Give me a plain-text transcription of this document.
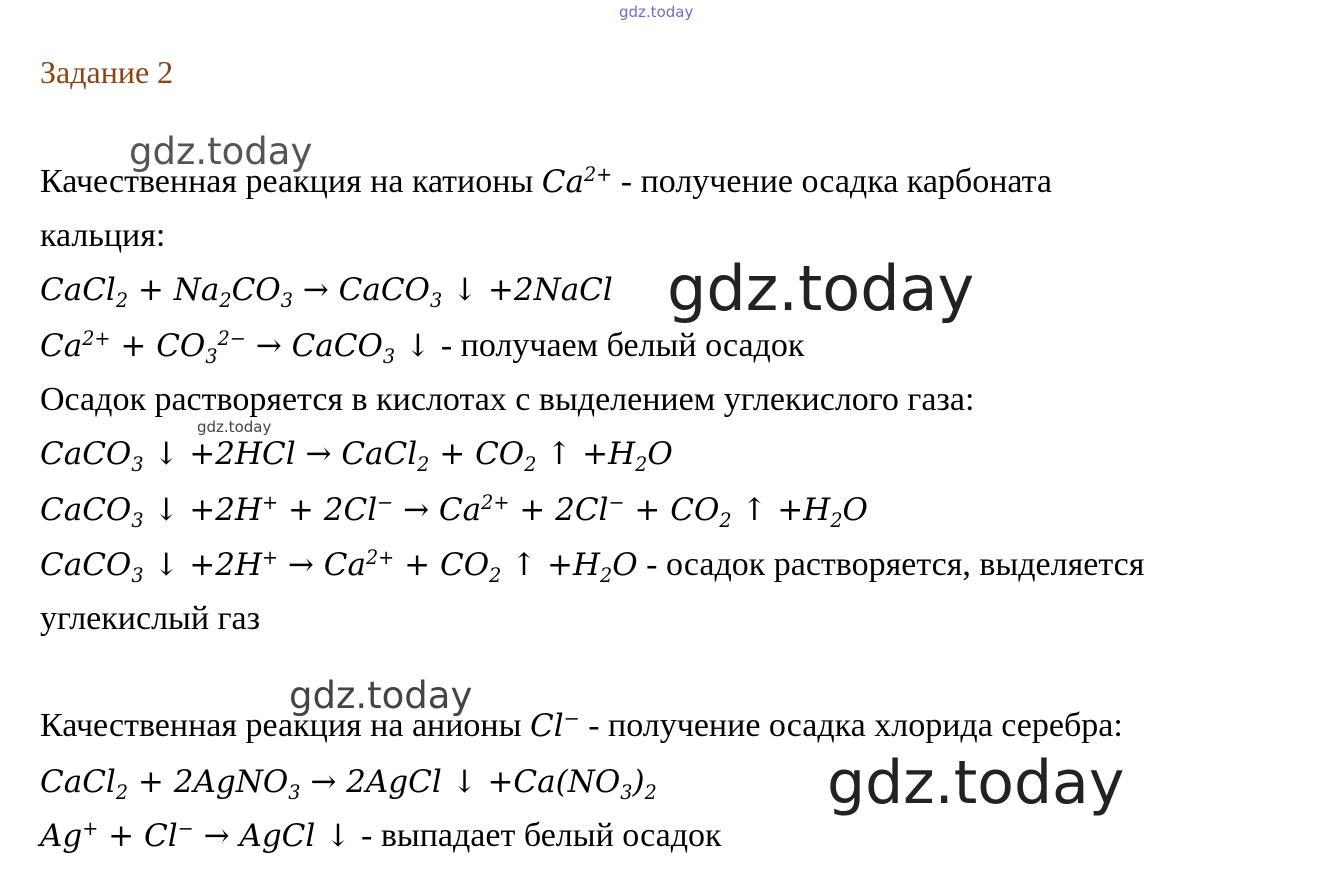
gdz.today
gdz.today
gdz.today
gdz.today
gdz.today
gdz.today
Задание 2
Качественная реакция на катионы $Ca^{2+}$ - получение осадка карбоната
кальция:
CaCl$_2$ + $Na_2CO_3$ → CaCO$_3$ ↓ +2NaCl
$Ca^{2+} + CO_3^{2-}$ → CaCO$_3$ ↓ - получаем белый осадок
Осадок растворяется в кислотах с выделением углекислого газа:
CaCO$_3$ ↓ +2HCl → CaCl$_2$ + $CO_2$ ↑ $+H_2O$
CaCO$_3$ ↓ $+2H^+ + 2Cl^- \to Ca^{2+} + 2Cl^- + CO_2$ ↑ $+H_2O$
CaCO$_3$ ↓ $+2H^+ \to Ca^{2+} + CO_2$ ↑ $+H_2O$ - осадок растворяется, выделяется
углекислый газ
Качественная реакция на анионы Cl− - получение осадка хлорида серебра:
CaCl$_2$ + 2AgNO$_3$ → 2AgCl ↓ $+Ca(NO_3)_2$
Ag+ + Cl− → AgCl ↓ - выпадает белый осадок
